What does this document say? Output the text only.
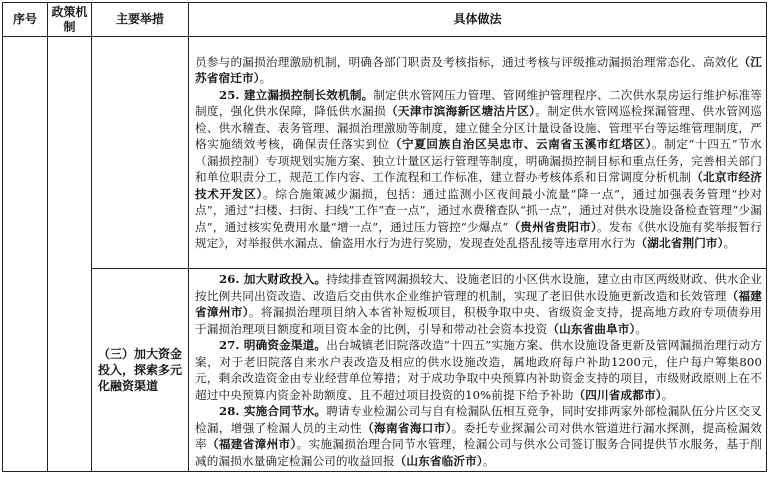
序号	政策机制	主要举措	具体做法

			员参与的漏损治理激励机制，明确各部门职责及考核指标，通过考核与评级推动漏损治理常态化、高效化（江苏省宿迁市）。

25. 建立漏损控制长效机制。制定供水管网压力管理、管网维护管理程序、二次供水泵房运行维护标准等制度，强化供水保障，降低供水漏损（天津市滨海新区塘沽片区）。制定供水管网巡检探漏管理、供水管网巡检、供水稽查、表务管理、漏损治理激励等制度，建立健全分区计量设备设施、管理平台等运维管理制度，严格实施绩效考核，确保责任落实到位（宁夏回族自治区吴忠市、云南省玉溪市红塔区）。制定“十四五”节水（漏损控制）专项规划实施方案、独立计量区运行管理等制度，明确漏损控制目标和重点任务，完善相关部门和单位职责分工，规范工作内容、工作流程和工作标准，建立督办考核体系和日常调度分析机制（北京市经济技术开发区）。综合施策减少漏损，包括：通过监测小区夜间最小流量“降一点”，通过加强表务管理“抄对点”，通过“扫楼、扫街、扫线”工作“查一点”，通过水费稽查队“抓一点”，通过对供水设施设备检查管理“少漏点”，通过核实免费用水量“增一点”，通过压力管控“少爆点”（贵州省贵阳市）。发布《供水设施有奖举报暂行规定》，对举报供水漏点、偷盗用水行为进行奖励，发现查处乱搭乱接等违章用水行为（湖北省荆门市）。

		（三）加大资金投入，探索多元化融资渠道	26. 加大财政投入。持续排查管网漏损较大、设施老旧的小区供水设施，建立由市区两级财政、供水企业按比例共同出资改造、改造后交由供水企业维护管理的机制，实现了老旧供水设施更新改造和长效管理（福建省漳州市）。将漏损治理项目纳入本省补短板项目，积极争取中央、省级资金支持，提高地方政府专项债券用于漏损治理项目额度和项目资本金的比例，引导和带动社会资本投资（山东省曲阜市）。

27. 明确资金渠道。出台城镇老旧院落改造“十四五”实施方案、供水设施设备更新及管网漏损治理行动方案，对于老旧院落自来水户表改造及相应的供水设施改造，属地政府每户补助1200元，住户每户筹集800元，剩余改造资金由专业经营单位筹措；对于成功争取中央预算内补助资金支持的项目，市级财政原则上在不超过中央预算内资金补助额度、且不超过项目投资的10%前提下给予补助（四川省成都市）。

28. 实施合同节水。聘请专业检漏公司与自有检漏队伍相互竞争，同时安排两家外部检漏队伍分片区交叉检漏，增强了检漏人员的主动性（海南省海口市）。委托专业探漏公司对供水管道进行漏水探测，提高检漏效率（福建省漳州市）。实施漏损治理合同节水管理，检漏公司与供水公司签订服务合同提供节水服务，基于削减的漏损水量确定检漏公司的收益回报（山东省临沂市）。
